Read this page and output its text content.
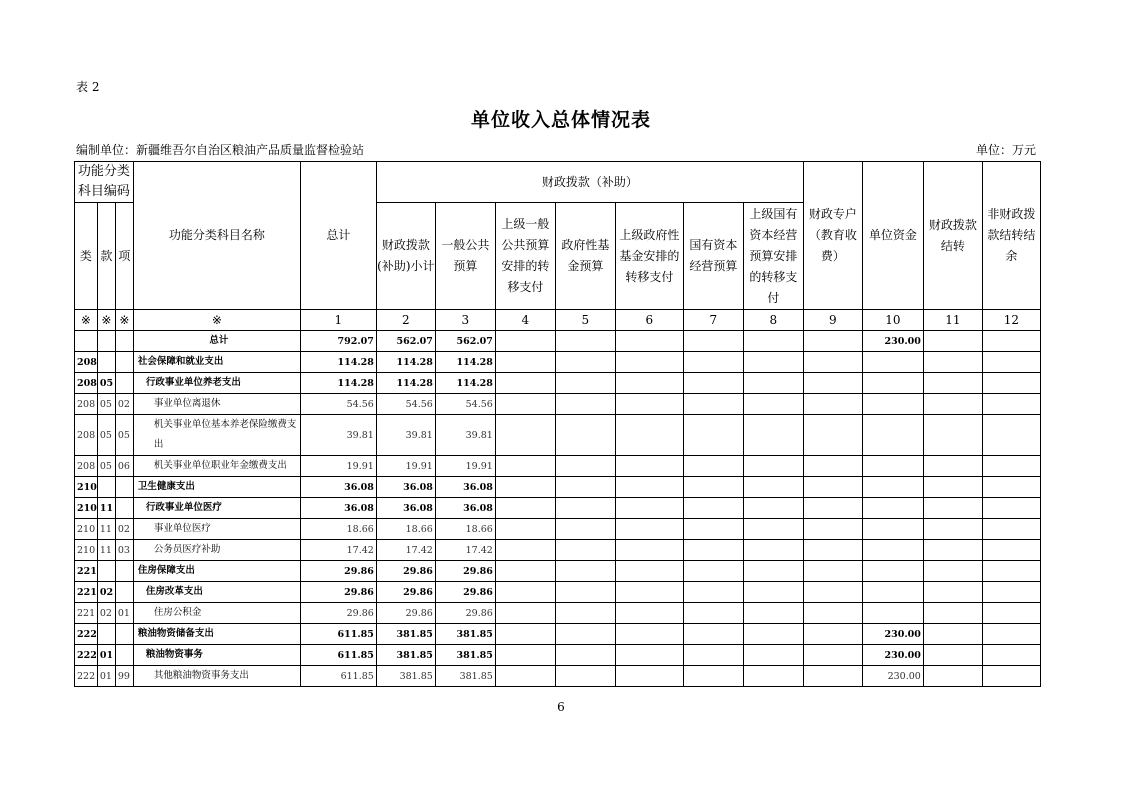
表 2
单位收入总体情况表
编制单位：新疆维吾尔自治区粮油产品质量监督检验站	单位：万元
功能分类科目编码			功能分类科目名称	总计	财政拨款（补助）							财政专户（教育收费）	单位资金	财政拨款结转	非财政拨款结转结余
类	款	项			财政拨款(补助)小计	一般公共预算	上级一般公共预算安排的转移支付	政府性基金预算	上级政府性基金安排的转移支付	国有资本经营预算	上级国有资本经营预算安排的转移支付				
※	※	※	※	1	2	3	4	5	6	7	8	9	10	11	12
			总计	792.07	562.07	562.07							230.00		
208			社会保障和就业支出	114.28	114.28	114.28									
208	05		行政事业单位养老支出	114.28	114.28	114.28									
208	05	02	事业单位离退休	54.56	54.56	54.56									
208	05	05	机关事业单位基本养老保险缴费支出	39.81	39.81	39.81									
208	05	06	机关事业单位职业年金缴费支出	19.91	19.91	19.91									
210			卫生健康支出	36.08	36.08	36.08									
210	11		行政事业单位医疗	36.08	36.08	36.08									
210	11	02	事业单位医疗	18.66	18.66	18.66									
210	11	03	公务员医疗补助	17.42	17.42	17.42									
221			住房保障支出	29.86	29.86	29.86									
221	02		住房改革支出	29.86	29.86	29.86									
221	02	01	住房公积金	29.86	29.86	29.86									
222			粮油物资储备支出	611.85	381.85	381.85							230.00		
222	01		粮油物资事务	611.85	381.85	381.85							230.00		
222	01	99	其他粮油物资事务支出	611.85	381.85	381.85							230.00		
6
